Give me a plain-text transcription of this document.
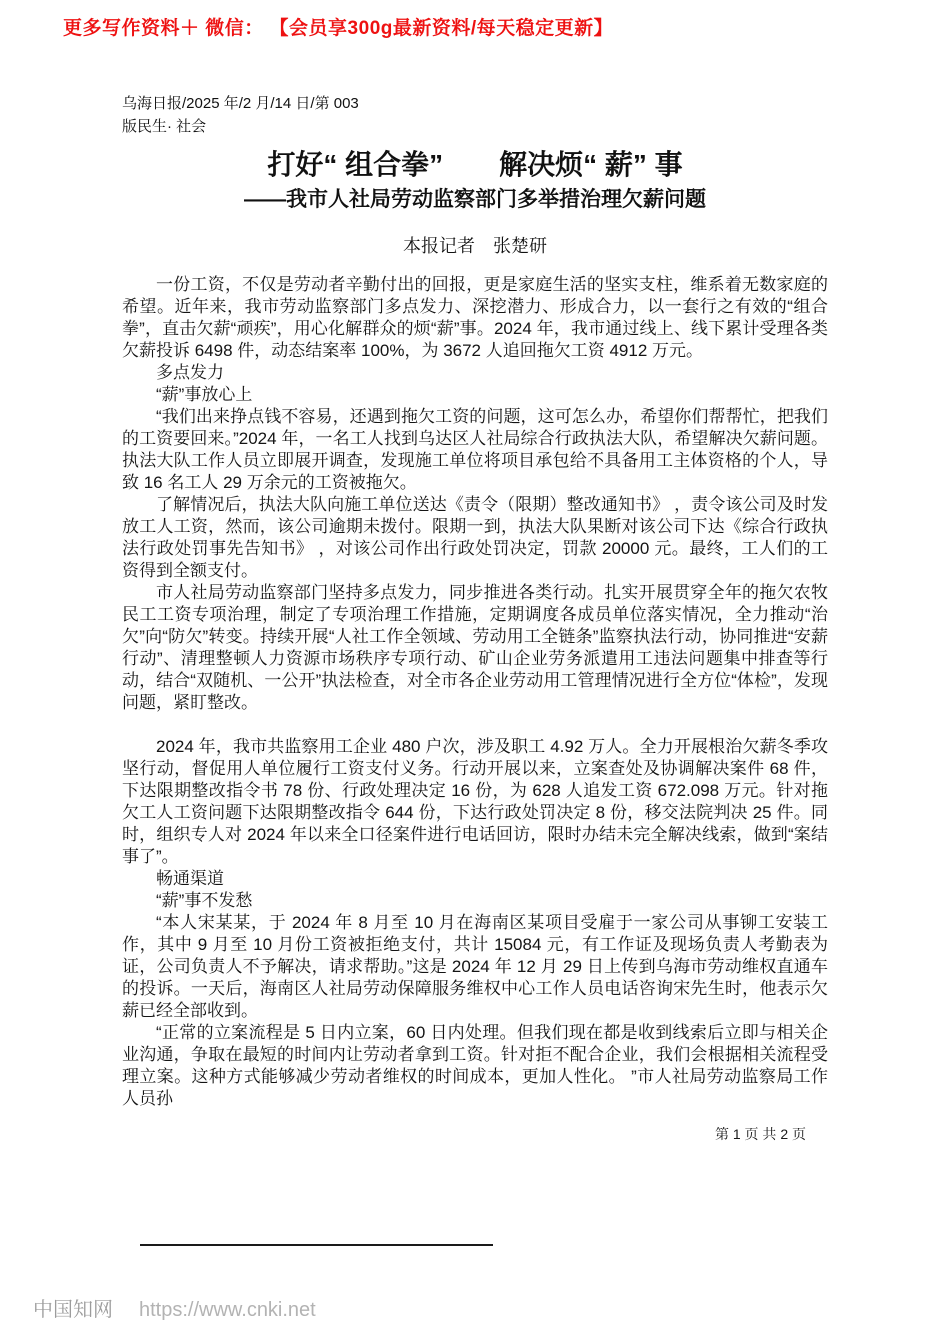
更多写作资料＋ 微信： 【会员享300g最新资料/每天稳定更新】
乌海日报/2025 年/2 月/14 日/第 003
版民生· 社会
打好“ 组合拳”　　解决烦“ 薪” 事
——我市人社局劳动监察部门多举措治理欠薪问题
本报记者　张楚研

一份工资，不仅是劳动者辛勤付出的回报，更是家庭生活的坚实支柱，维系着无数家庭的希望。近年来，我市劳动监察部门多点发力、深挖潜力、形成合力，以一套行之有效的“组合拳”，直击欠薪“顽疾”，用心化解群众的烦“薪”事。2024 年，我市通过线上、线下累计受理各类欠薪投诉 6498 件，动态结案率 100%，为 3672 人追回拖欠工资 4912 万元。

多点发力

“薪”事放心上

“我们出来挣点钱不容易，还遇到拖欠工资的问题，这可怎么办，希望你们帮帮忙，把我们的工资要回来。”2024 年，一名工人找到乌达区人社局综合行政执法大队，希望解决欠薪问题。执法大队工作人员立即展开调查，发现施工单位将项目承包给不具备用工主体资格的个人，导致 16 名工人 29 万余元的工资被拖欠。

了解情况后，执法大队向施工单位送达《责令（限期）整改通知书》 ，责令该公司及时发放工人工资，然而，该公司逾期未拨付。限期一到，执法大队果断对该公司下达《综合行政执法行政处罚事先告知书》 ，对该公司作出行政处罚决定，罚款 20000 元。最终，工人们的工资得到全额支付。

市人社局劳动监察部门坚持多点发力，同步推进各类行动。扎实开展贯穿全年的拖欠农牧民工工资专项治理，制定了专项治理工作措施，定期调度各成员单位落实情况，全力推动“治欠”向“防欠”转变。持续开展“人社工作全领域、劳动用工全链条”监察执法行动，协同推进“安薪行动”、清理整顿人力资源市场秩序专项行动、矿山企业劳务派遣用工违法问题集中排查等行动，结合“双随机、一公开”执法检查，对全市各企业劳动用工管理情况进行全方位“体检”，发现问题，紧盯整改。

2024 年，我市共监察用工企业 480 户次，涉及职工 4.92 万人。全力开展根治欠薪冬季攻坚行动，督促用人单位履行工资支付义务。行动开展以来，立案查处及协调解决案件 68 件，下达限期整改指令书 78 份、行政处理决定 16 份，为 628 人追发工资 672.098 万元。针对拖欠工人工资问题下达限期整改指令 644 份，下达行政处罚决定 8 份，移交法院判决 25 件。同时，组织专人对 2024 年以来全口径案件进行电话回访，限时办结未完全解决线索，做到“案结事了”。

畅通渠道

“薪”事不发愁

“本人宋某某，于 2024 年 8 月至 10 月在海南区某项目受雇于一家公司从事铆工安装工作，其中 9 月至 10 月份工资被拒绝支付，共计 15084 元，有工作证及现场负责人考勤表为证，公司负责人不予解决，请求帮助。”这是 2024 年 12 月 29 日上传到乌海市劳动维权直通车的投诉。一天后，海南区人社局劳动保障服务维权中心工作人员电话咨询宋先生时，他表示欠薪已经全部收到。

“正常的立案流程是 5 日内立案，60 日内处理。但我们现在都是收到线索后立即与相关企业沟通，争取在最短的时间内让劳动者拿到工资。针对拒不配合企业，我们会根据相关流程受理立案。这种方式能够减少劳动者维权的时间成本，更加人性化。 ”市人社局劳动监察局工作人员孙

第 1 页 共 2 页
中国知网 https://www.cnki.net
